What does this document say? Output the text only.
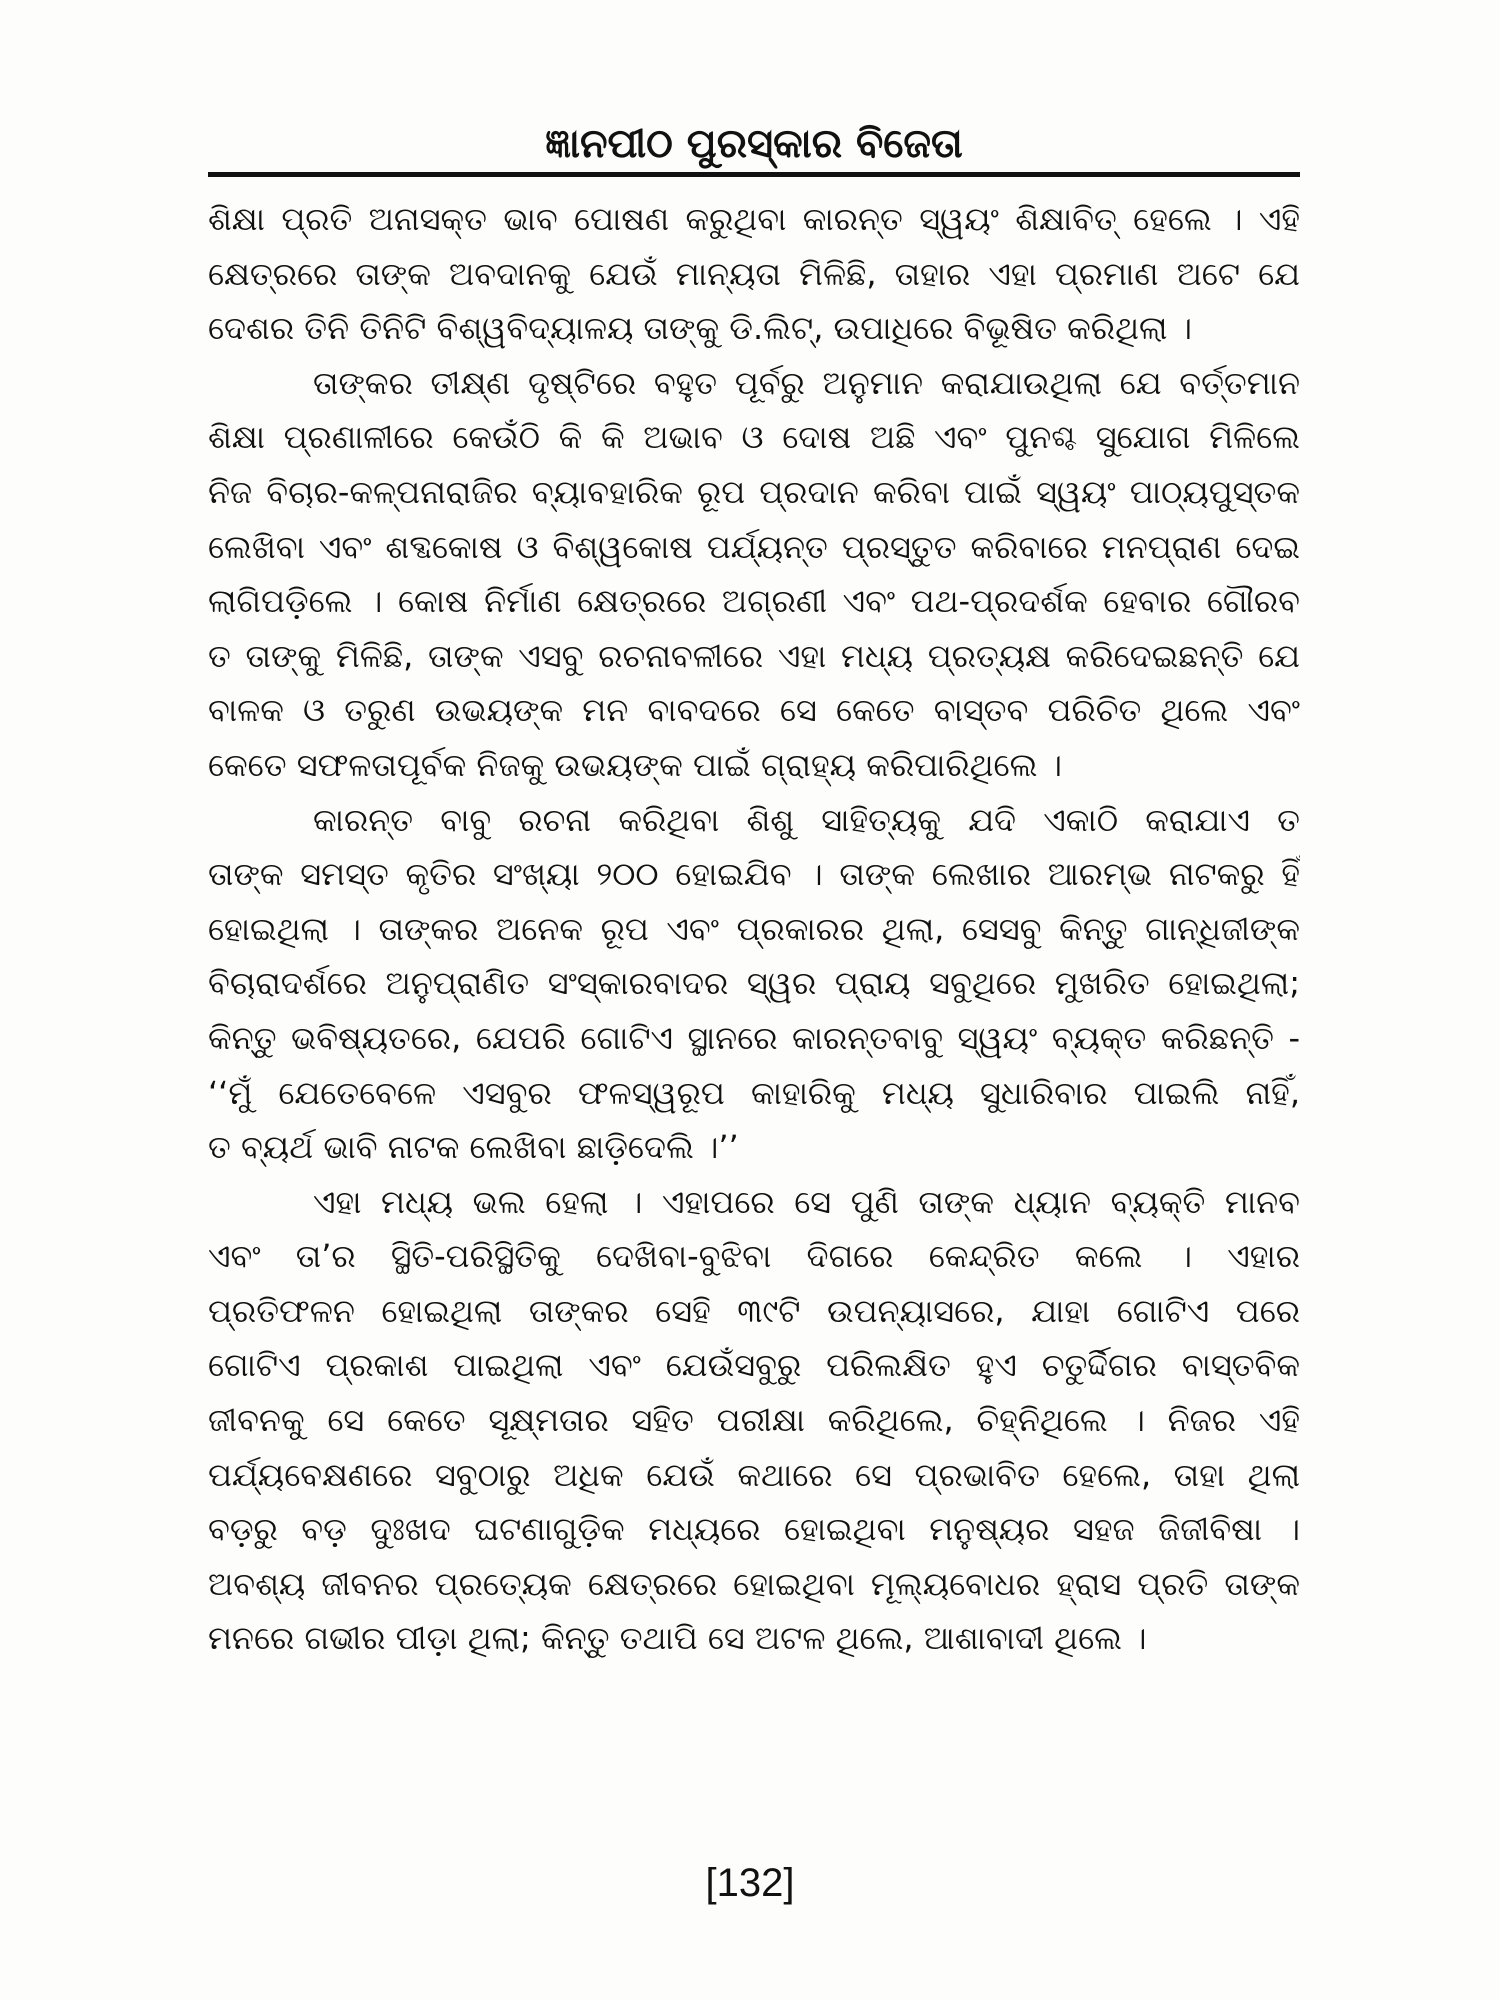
ଜ୍ଞାନପୀଠ ପୁରସ୍କାର ବିଜେତା
ଶିକ୍ଷା ପ୍ରତି ଅନାସକ୍ତ ଭାବ ପୋଷଣ କରୁଥିବା କାରନ୍ତ ସ୍ୱୟଂ ଶିକ୍ଷାବିତ୍ ହେଲେ । ଏହି
କ୍ଷେତ୍ରରେ ତାଙ୍କ ଅବଦାନକୁ ଯେଉଁ ମାନ୍ୟତା ମିଳିଛି, ତାହାର ଏହା ପ୍ରମାଣ ଅଟେ ଯେ
ଦେଶର ତିନି ତିନିଟି ବିଶ୍ୱବିଦ୍ୟାଳୟ ତାଙ୍କୁ ଡି.ଲିଟ୍, ଉପାଧିରେ ବିଭୂଷିତ କରିଥିଲା ।
ତାଙ୍କର ତୀକ୍ଷ୍ଣ ଦୃଷ୍ଟିରେ ବହୁତ ପୂର୍ବରୁ ଅନୁମାନ କରାଯାଉଥିଲା ଯେ ବର୍ତ୍ତମାନ
ଶିକ୍ଷା ପ୍ରଣାଳୀରେ କେଉଁଠି କି କି ଅଭାବ ଓ ଦୋଷ ଅଛି ଏବଂ ପୁନଶ୍ଚ ସୁଯୋଗ ମିଳିଲେ
ନିଜ ବିଚାର-କଳ୍ପନାରାଜିର ବ୍ୟାବହାରିକ ରୂପ ପ୍ରଦାନ କରିବା ପାଇଁ ସ୍ୱୟଂ ପାଠ୍ୟପୁସ୍ତକ
ଲେଖିବା ଏବଂ ଶବ୍ଦକୋଷ ଓ ବିଶ୍ୱକୋଷ ପର୍ଯ୍ୟନ୍ତ ପ୍ରସ୍ତୁତ କରିବାରେ ମନପ୍ରାଣ ଦେଇ
ଲାଗିପଡ଼ିଲେ । କୋଷ ନିର୍ମାଣ କ୍ଷେତ୍ରରେ ଅଗ୍ରଣୀ ଏବଂ ପଥ-ପ୍ରଦର୍ଶକ ହେବାର ଗୌରବ
ତ ତାଙ୍କୁ ମିଳିଛି, ତାଙ୍କ ଏସବୁ ରଚନାବଳୀରେ ଏହା ମଧ୍ୟ ପ୍ରତ୍ୟକ୍ଷ କରିଦେଇଛନ୍ତି ଯେ
ବାଳକ ଓ ତରୁଣ ଉଭୟଙ୍କ ମନ ବାବଦରେ ସେ କେତେ ବାସ୍ତବ ପରିଚିତ ଥିଲେ ଏବଂ
କେତେ ସଫଳତାପୂର୍ବକ ନିଜକୁ ଉଭୟଙ୍କ ପାଇଁ ଗ୍ରାହ୍ୟ କରିପାରିଥିଲେ ।
କାରନ୍ତ ବାବୁ ରଚନା କରିଥିବା ଶିଶୁ ସାହିତ୍ୟକୁ ଯଦି ଏକାଠି କରାଯାଏ ତ
ତାଙ୍କ ସମସ୍ତ କୃତିର ସଂଖ୍ୟା ୨୦୦ ହୋଇଯିବ । ତାଙ୍କ ଲେଖାର ଆରମ୍ଭ ନାଟକରୁ ହିଁ
ହୋଇଥିଲା । ତାଙ୍କର ଅନେକ ରୂପ ଏବଂ ପ୍ରକାରର ଥିଲା, ସେସବୁ କିନ୍ତୁ ଗାନ୍ଧିଜୀଙ୍କ
ବିଚାରାଦର୍ଶରେ ଅନୁପ୍ରାଣିତ ସଂସ୍କାରବାଦର ସ୍ୱର ପ୍ରାୟ ସବୁଥିରେ ମୁଖରିତ ହୋଇଥିଲା;
କିନ୍ତୁ ଭବିଷ୍ୟତରେ, ଯେପରି ଗୋଟିଏ ସ୍ଥାନରେ କାରନ୍ତବାବୁ ସ୍ୱୟଂ ବ୍ୟକ୍ତ କରିଛନ୍ତି -
‘‘ମୁଁ ଯେତେବେଳେ ଏସବୁର ଫଳସ୍ୱରୂପ କାହାରିକୁ ମଧ୍ୟ ସୁଧାରିବାର ପାଇଲି ନାହିଁ,
ତ ବ୍ୟର୍ଥ ଭାବି ନାଟକ ଲେଖିବା ଛାଡ଼ିଦେଲି ।’’
ଏହା ମଧ୍ୟ ଭଲ ହେଲା । ଏହାପରେ ସେ ପୁଣି ତାଙ୍କ ଧ୍ୟାନ ବ୍ୟକ୍ତି ମାନବ
ଏବଂ ତା’ର ସ୍ଥିତି-ପରିସ୍ଥିତିକୁ ଦେଖିବା-ବୁଝିବା ଦିଗରେ କେନ୍ଦ୍ରିତ କଲେ । ଏହାର
ପ୍ରତିଫଳନ ହୋଇଥିଲା ତାଙ୍କର ସେହି ୩୯ଟି ଉପନ୍ୟାସରେ, ଯାହା ଗୋଟିଏ ପରେ
ଗୋଟିଏ ପ୍ରକାଶ ପାଇଥିଲା ଏବଂ ଯେଉଁସବୁରୁ ପରିଲକ୍ଷିତ ହୁଏ ଚତୁର୍ଦ୍ଦିଗର ବାସ୍ତବିକ
ଜୀବନକୁ ସେ କେତେ ସୂକ୍ଷ୍ମତାର ସହିତ ପରୀକ୍ଷା କରିଥିଲେ, ଚିହ୍ନିଥିଲେ । ନିଜର ଏହି
ପର୍ଯ୍ୟବେକ୍ଷଣରେ ସବୁଠାରୁ ଅଧିକ ଯେଉଁ କଥାରେ ସେ ପ୍ରଭାବିତ ହେଲେ, ତାହା ଥିଲା
ବଡ଼ରୁ ବଡ଼ ଦୁଃଖଦ ଘଟଣାଗୁଡ଼ିକ ମଧ୍ୟରେ ହୋଇଥିବା ମନୁଷ୍ୟର ସହଜ ଜିଜୀବିଷା ।
ଅବଶ୍ୟ ଜୀବନର ପ୍ରତ୍ୟେକ କ୍ଷେତ୍ରରେ ହୋଇଥିବା ମୂଲ୍ୟବୋଧର ହ୍ରାସ ପ୍ରତି ତାଙ୍କ
ମନରେ ଗଭୀର ପୀଡ଼ା ଥିଲା; କିନ୍ତୁ ତଥାପି ସେ ଅଟଳ ଥିଲେ, ଆଶାବାଦୀ ଥିଲେ ।
[132]
